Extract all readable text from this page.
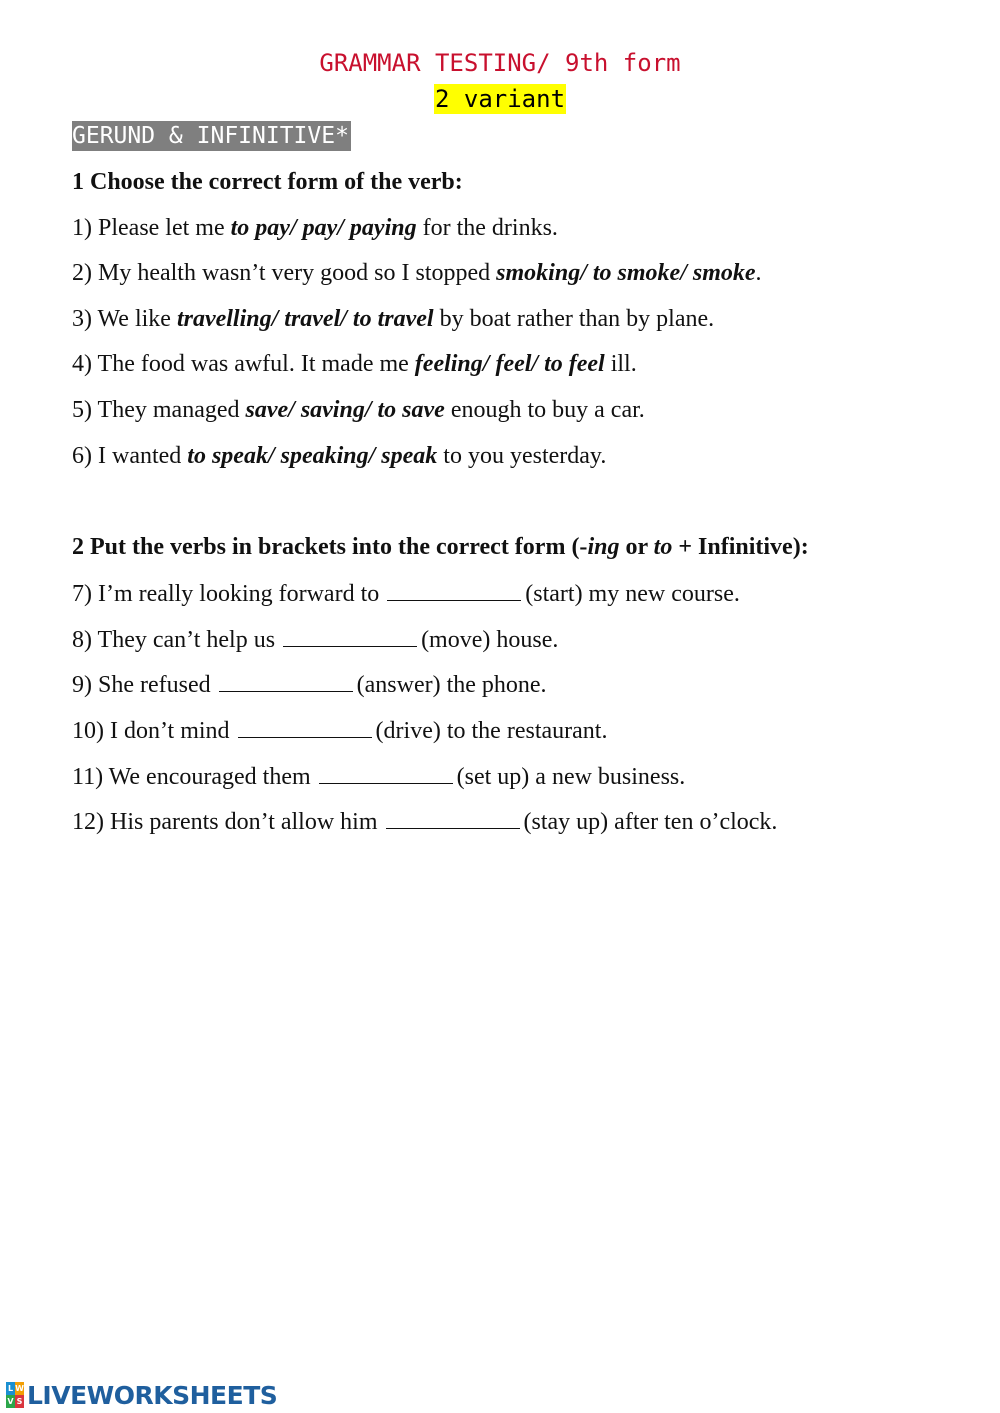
GRAMMAR TESTING/ 9th form
2 variant
GERUND & INFINITIVE*
1 Choose the correct form of the verb:
1) Please let me to pay/ pay/ paying for the drinks.
2) My health wasn’t very good so I stopped smoking/ to smoke/ smoke.
3) We like travelling/ travel/ to travel by boat rather than by plane.
4) The food was awful. It made me feeling/ feel/ to feel ill.
5) They managed save/ saving/ to save enough to buy a car.
6) I wanted to speak/ speaking/ speak to you yesterday.
2 Put the verbs in brackets into the correct form (-ing or to + Infinitive):
7) I’m really looking forward to	(start) my new course.
8) They can’t help us	(move) house.
9) She refused	(answer) the phone.
10) I don’t mind	(drive) to the restaurant.
11) We encouraged them	(set up) a new business.
12) His parents don’t allow him	(stay up) after ten o’clock.
L W
V S LIVEWORKSHEETS
